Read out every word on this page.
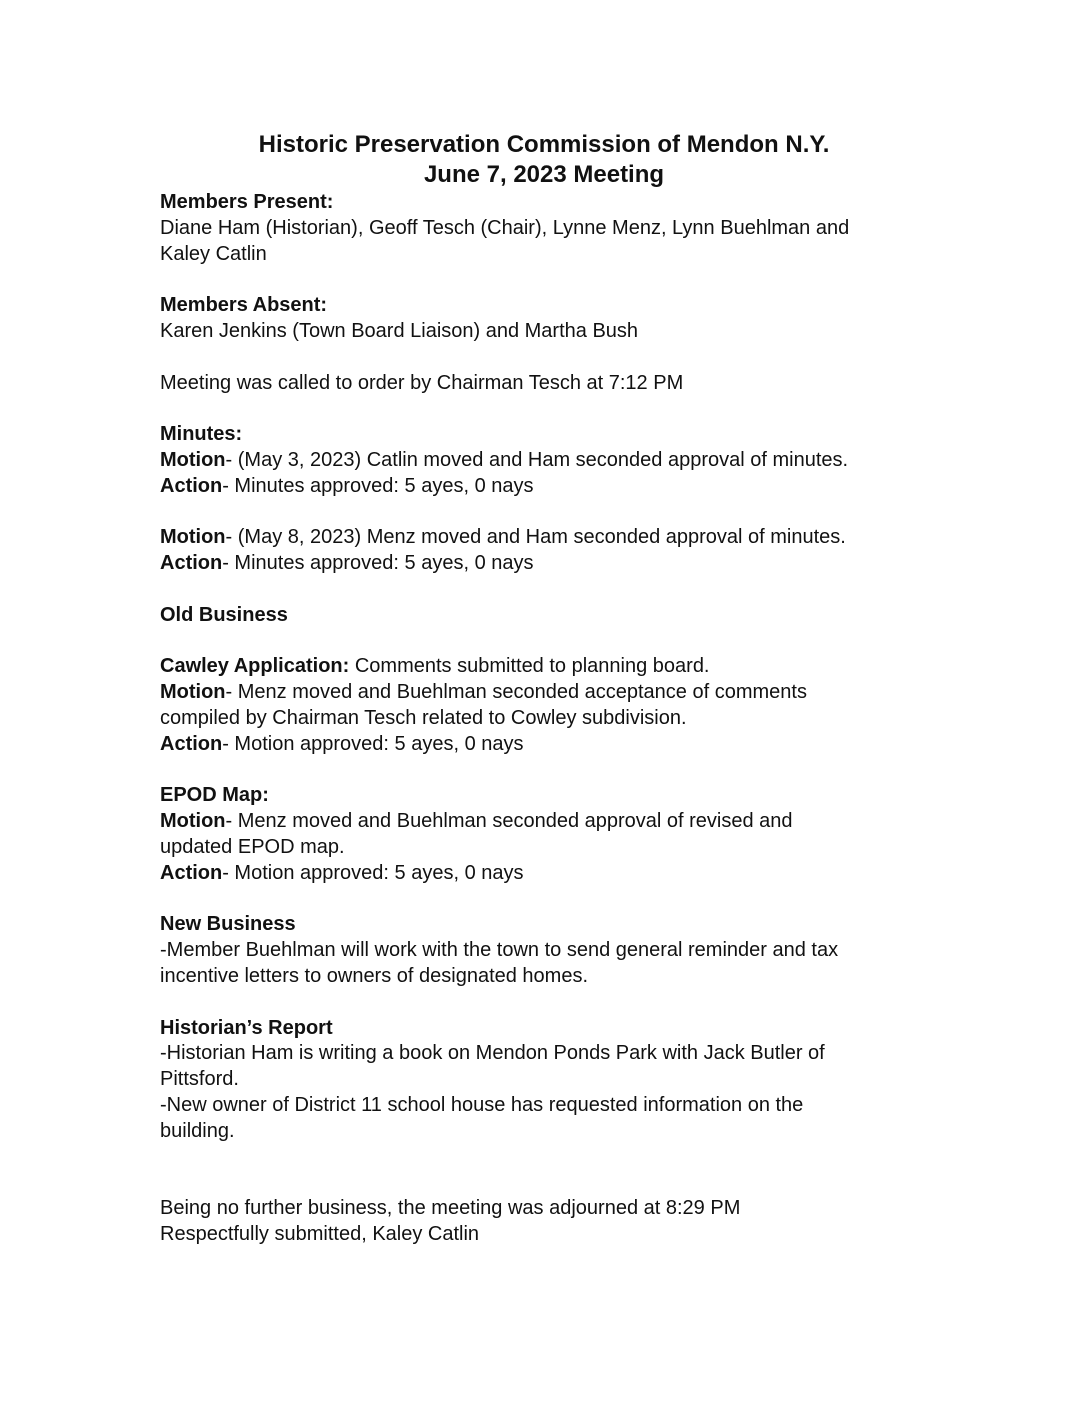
Historic Preservation Commission of Mendon N.Y.
June 7, 2023 Meeting

Members Present:

Diane Ham (Historian), Geoff Tesch (Chair), Lynne Menz, Lynn Buehlman and

Kaley Catlin

Members Absent:

Karen Jenkins (Town Board Liaison) and Martha Bush

Meeting was called to order by Chairman Tesch at 7:12 PM

Minutes:

Motion- (May 3, 2023) Catlin moved and Ham seconded approval of minutes.

Action- Minutes approved: 5 ayes, 0 nays

Motion- (May 8, 2023) Menz moved and Ham seconded approval of minutes.

Action- Minutes approved: 5 ayes, 0 nays

Old Business

Cawley Application: Comments submitted to planning board.

Motion- Menz moved and Buehlman seconded acceptance of comments

compiled by Chairman Tesch related to Cowley subdivision.

Action- Motion approved: 5 ayes, 0 nays

EPOD Map:

Motion- Menz moved and Buehlman seconded approval of revised and

updated EPOD map.

Action- Motion approved: 5 ayes, 0 nays

New Business

-Member Buehlman will work with the town to send general reminder and tax

incentive letters to owners of designated homes.

Historian’s Report

-Historian Ham is writing a book on Mendon Ponds Park with Jack Butler of

Pittsford.

-New owner of District 11 school house has requested information on the

building.

Being no further business, the meeting was adjourned at 8:29 PM

Respectfully submitted, Kaley Catlin
